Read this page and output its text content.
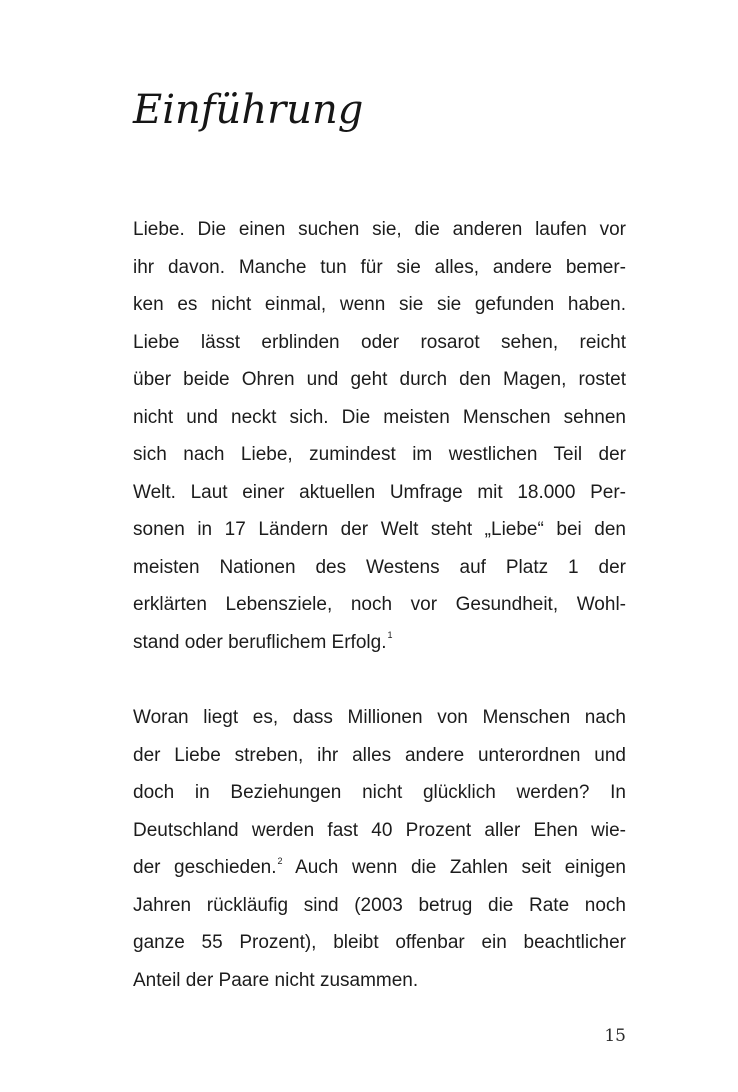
Einführung

Liebe. Die einen suchen sie, die anderen laufen vor
ihr davon. Manche tun für sie alles, andere bemer-
ken es nicht einmal, wenn sie sie gefunden haben.
Liebe lässt erblinden oder rosarot sehen, reicht
über beide Ohren und geht durch den Magen, rostet
nicht und neckt sich. Die meisten Menschen sehnen
sich nach Liebe, zumindest im westlichen Teil der
Welt. Laut einer aktuellen Umfrage mit 18.000 Per-
sonen in 17 Ländern der Welt steht „Liebe“ bei den
meisten Nationen des Westens auf Platz 1 der
erklärten Lebensziele, noch vor Gesundheit, Wohl-
stand oder beruflichem Erfolg.$^1$

Woran liegt es, dass Millionen von Menschen nach
der Liebe streben, ihr alles andere unterordnen und
doch in Beziehungen nicht glücklich werden? In
Deutschland werden fast 40 Prozent aller Ehen wie-
der geschieden.$^2$ Auch wenn die Zahlen seit einigen
Jahren rückläufig sind (2003 betrug die Rate noch
ganze 55 Prozent), bleibt offenbar ein beachtlicher
Anteil der Paare nicht zusammen.

15
